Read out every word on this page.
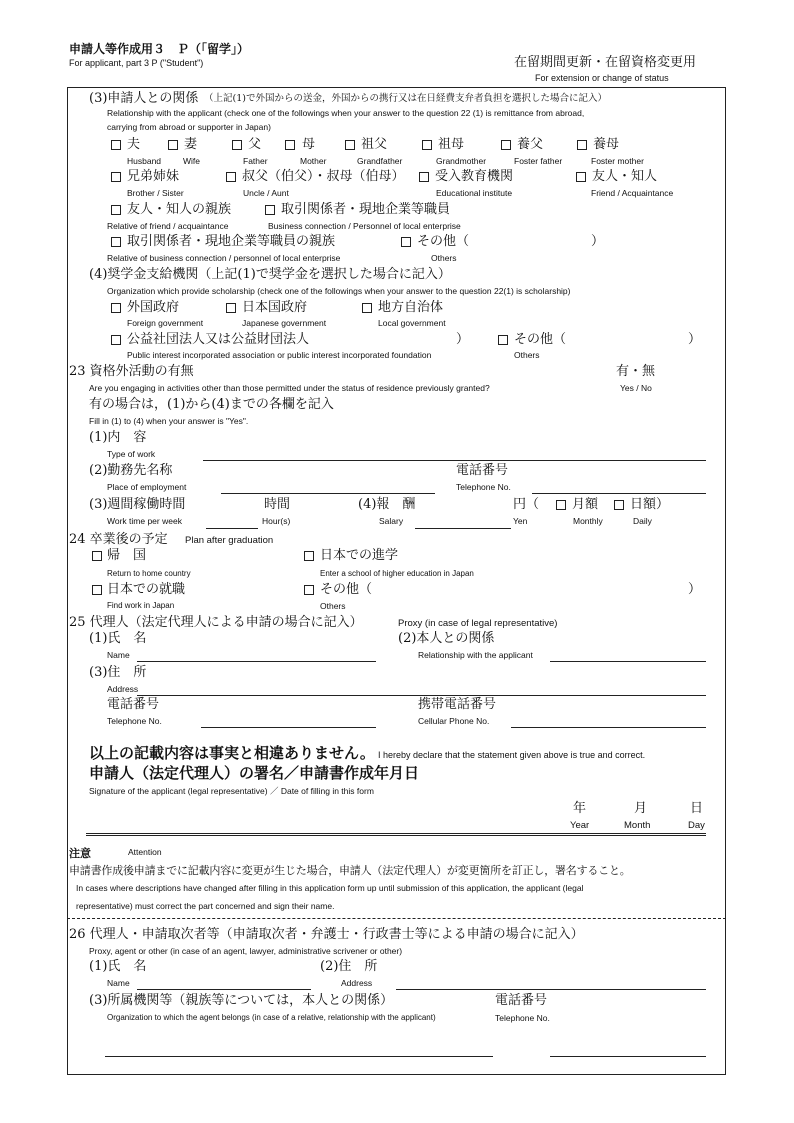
申請人等作成用３　Ｐ（「留学」）
For applicant, part 3 P ("Student")	在留期間更新・在留資格変更用
For extension or change of status
(3)申請人との関係 （上記(1)で外国からの送金，外国からの携行又は在日経費支弁者負担を選択した場合に記入）
Relationship with the applicant (check one of the followings when your answer to the question 22 (1) is remittance from abroad,
carrying from abroad or supporter in Japan)
夫
Husband
妻
Wife
父
Father
母
Mother
祖父
Grandfather
祖母
Grandmother
養父
Foster father
養母
Foster mother
兄弟姉妹
Brother / Sister
叔父（伯父）・叔母（伯母）
Uncle / Aunt
受入教育機関
Educational institute
友人・知人
Friend / Acquaintance
友人・知人の親族
Relative of friend / acquaintance
取引関係者・現地企業等職員
Business connection / Personnel of local enterprise
取引関係者・現地企業等職員の親族
Relative of business connection / personnel of local enterprise
その他（	）
Others
(4)奨学金支給機関（上記(1)で奨学金を選択した場合に記入）
Organization which provide scholarship (check one of the followings when your answer to the question 22(1) is scholarship)
外国政府
Foreign government
日本国政府
Japanese government
地方自治体
Local government
公益社団法人又は公益財団法人	）
Public interest incorporated association or public interest incorporated foundation
その他（	）
Others
23 資格外活動の有無	有・無
Are you engaging in activities other than those permitted under the status of residence previously granted?	Yes / No
有の場合は，(1)から(4)までの各欄を記入
Fill in (1) to (4) when your answer is "Yes".
(1)内　容
Type of work
(2)勤務先名称
Place of employment
電話番号
Telephone No.
(3)週間稼働時間
Work time per week
時間
Hour(s)
(4)報　酬
Salary
円（
Yen
月額
Monthly
日額）
Daily
24 卒業後の予定 Plan after graduation
帰　国
Return to home country
日本での進学
Enter a school of higher education in Japan
日本での就職
Find work in Japan
その他（	）
Others
25 代理人（法定代理人による申請の場合に記入）	Proxy (in case of legal representative)
(1)氏　名
Name
(2)本人との関係
Relationship with the applicant
(3)住　所
Address
電話番号
Telephone No.
携帯電話番号
Cellular Phone No.
以上の記載内容は事実と相違ありません。 I hereby declare that the statement given above is true and correct.
申請人（法定代理人）の署名／申請書作成年月日
Signature of the applicant (legal representative) ／ Date of filling in this form
年
Year
月
Month
日
Day
注意	Attention
申請書作成後申請までに記載内容に変更が生じた場合，申請人（法定代理人）が変更箇所を訂正し，署名すること。
In cases where descriptions have changed after filling in this application form up until submission of this application, the applicant (legal
representative) must correct the part concerned and sign their name.
26 代理人・申請取次者等（申請取次者・弁護士・行政書士等による申請の場合に記入）
Proxy, agent or other (in case of an agent, lawyer, administrative scrivener or other)
(1)氏　名
Name
(2)住　所
Address
(3)所属機関等（親族等については，本人との関係）
Organization to which the agent belongs (in case of a relative, relationship with the applicant)
電話番号
Telephone No.
